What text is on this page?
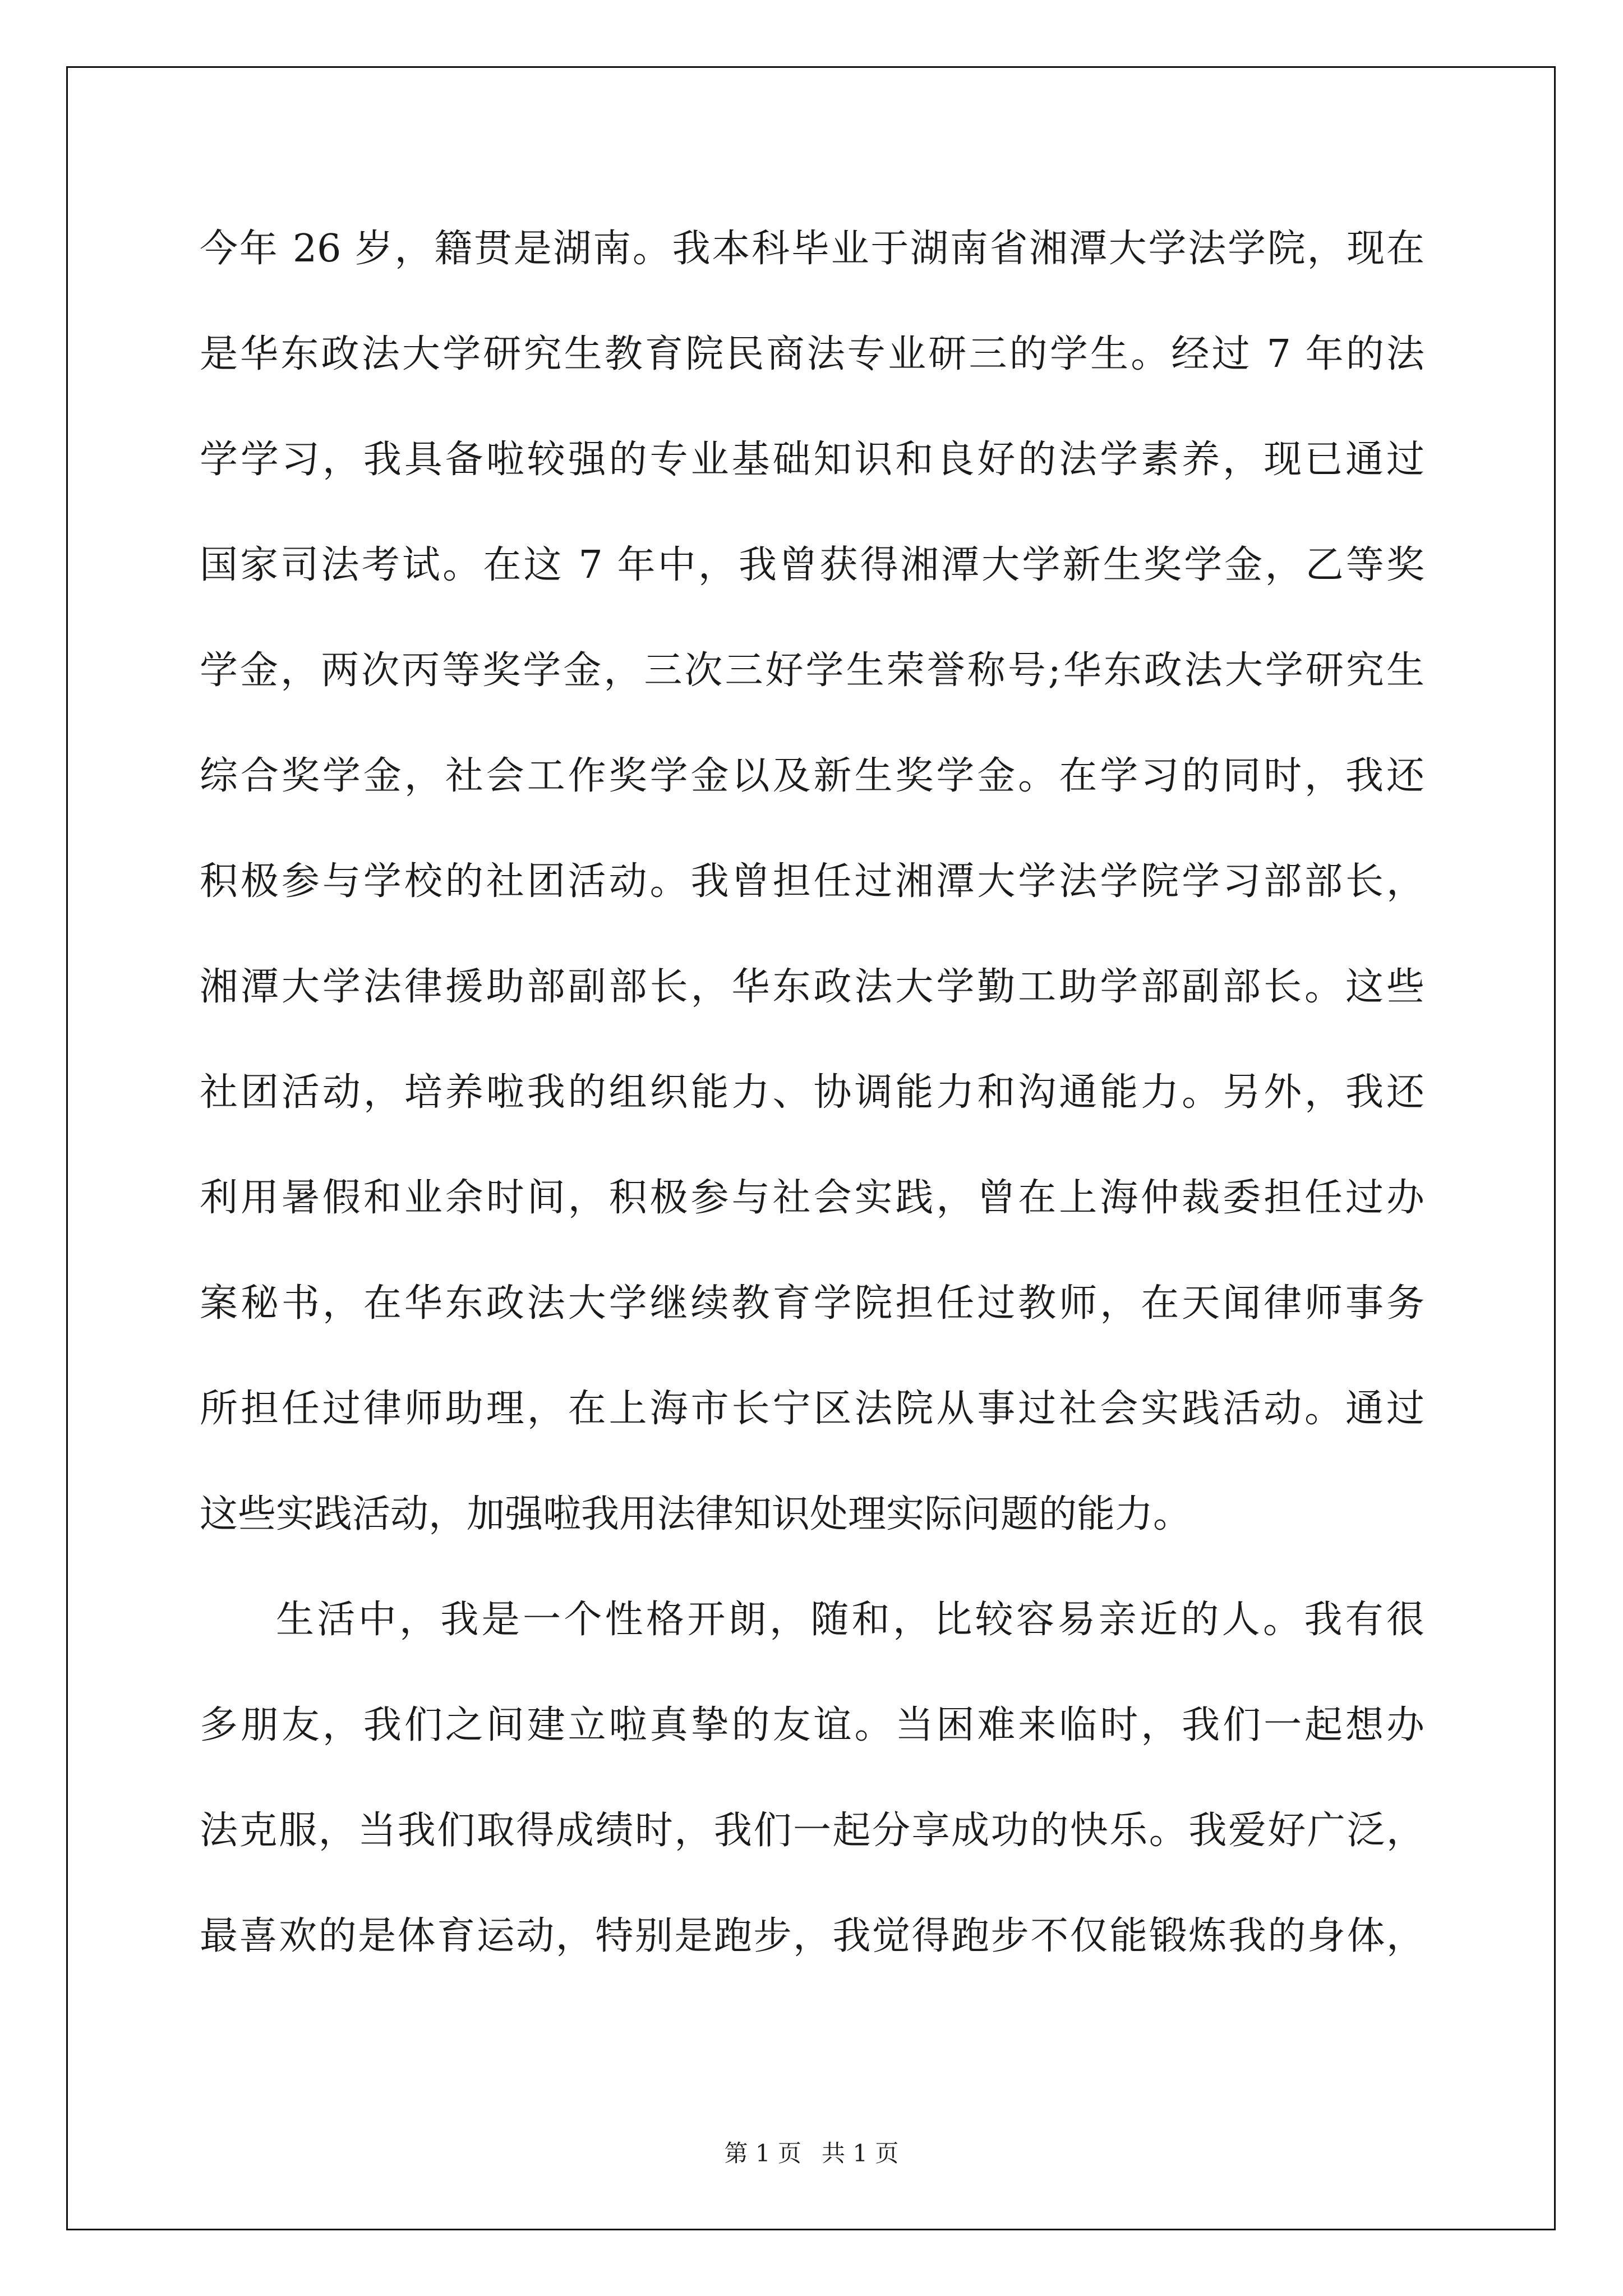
今年 26 岁，籍贯是湖南。我本科毕业于湖南省湘潭大学法学院，现在
是华东政法大学研究生教育院民商法专业研三的学生。经过 7 年的法
学学习，我具备啦较强的专业基础知识和良好的法学素养，现已通过
国家司法考试。在这 7 年中，我曾获得湘潭大学新生奖学金，乙等奖
学金，两次丙等奖学金，三次三好学生荣誉称号;华东政法大学研究生
综合奖学金，社会工作奖学金以及新生奖学金。在学习的同时，我还
积极参与学校的社团活动。我曾担任过湘潭大学法学院学习部部长，
湘潭大学法律援助部副部长，华东政法大学勤工助学部副部长。这些
社团活动，培养啦我的组织能力、协调能力和沟通能力。另外，我还
利用暑假和业余时间，积极参与社会实践，曾在上海仲裁委担任过办
案秘书，在华东政法大学继续教育学院担任过教师，在天闻律师事务
所担任过律师助理，在上海市长宁区法院从事过社会实践活动。通过
这些实践活动，加强啦我用法律知识处理实际问题的能力。
生活中，我是一个性格开朗，随和，比较容易亲近的人。我有很
多朋友，我们之间建立啦真挚的友谊。当困难来临时，我们一起想办
法克服，当我们取得成绩时，我们一起分享成功的快乐。我爱好广泛，
最喜欢的是体育运动，特别是跑步，我觉得跑步不仅能锻炼我的身体，
第 1 页 共 1 页
